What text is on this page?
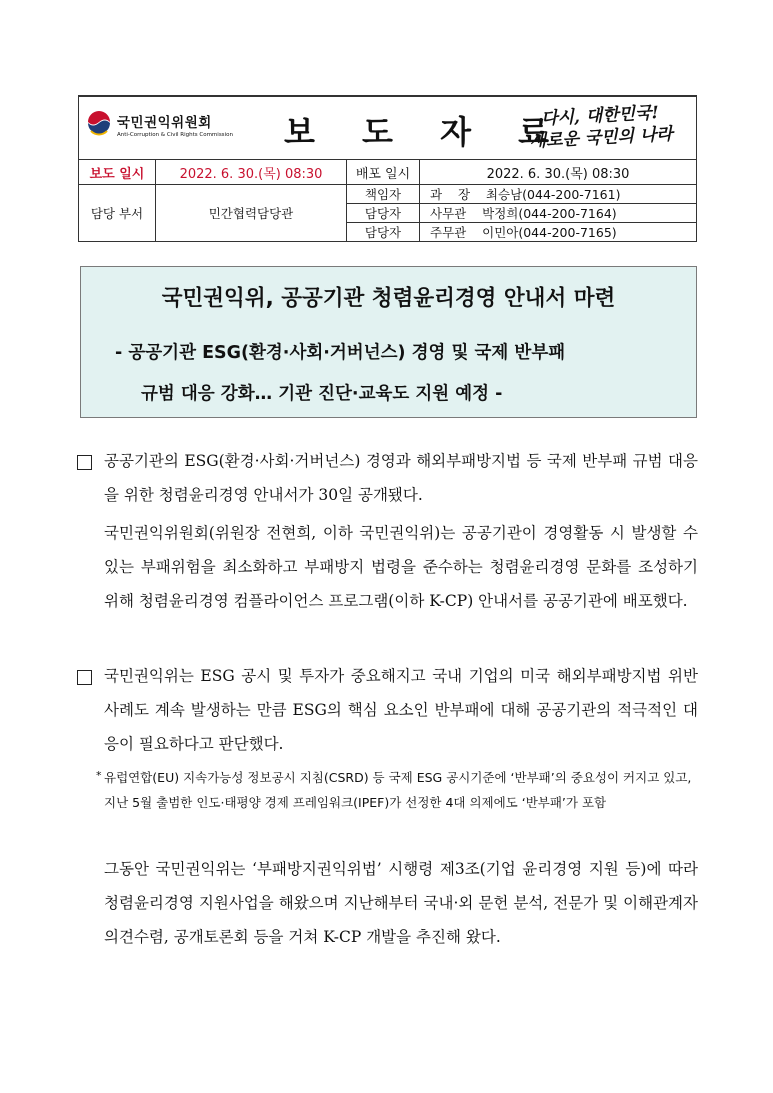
국민권익위원회
Anti-Corruption & Civil Rights Commission 보 도 자 료
다시, 대한민국!
새로운 국민의 나라			

보도 일시	2022. 6. 30.(목) 08:30	배포 일시	2022. 6. 30.(목) 08:30
담당 부서	민간협력담당관	책임자	과    장    최승남(044-200-7161)
		담당자	사무관    박정희(044-200-7164)
		담당자	주무관    이민아(044-200-7165)
국민권익위, 공공기관 청렴윤리경영 안내서 마련
- 공공기관 ESG(환경·사회·거버넌스) 경영 및 국제 반부패
규범 대응 강화… 기관 진단·교육도 지원 예정 -
공공기관의 ESG(환경·사회·거버넌스) 경영과 해외부패방지법 등 국제 반부패 규범 대응을 위한 청렴윤리경영 안내서가 30일 공개됐다.
국민권익위원회(위원장 전현희, 이하 국민권익위)는 공공기관이 경영활동 시 발생할 수 있는 부패위험을 최소화하고 부패방지 법령을 준수하는 청렴윤리경영 문화를 조성하기 위해 청렴윤리경영 컴플라이언스 프로그램(이하 K-CP) 안내서를 공공기관에 배포했다.
국민권익위는 ESG 공시 및 투자가 중요해지고 국내 기업의 미국 해외부패방지법 위반 사례도 계속 발생하는 만큼 ESG의 핵심 요소인 반부패에 대해 공공기관의 적극적인 대응이 필요하다고 판단했다.
* 유럽연합(EU) 지속가능성 정보공시 지침(CSRD) 등 국제 ESG 공시기준에 ‘반부패’의 중요성이 커지고 있고, 지난 5월 출범한 인도·태평양 경제 프레임워크(IPEF)가 선정한 4대 의제에도 ‘반부패’가 포함
그동안 국민권익위는 ‘부패방지권익위법’ 시행령 제3조(기업 윤리경영 지원 등)에 따라 청렴윤리경영 지원사업을 해왔으며 지난해부터 국내·외 문헌 분석, 전문가 및 이해관계자 의견수렴, 공개토론회 등을 거쳐 K-CP 개발을 추진해 왔다.
